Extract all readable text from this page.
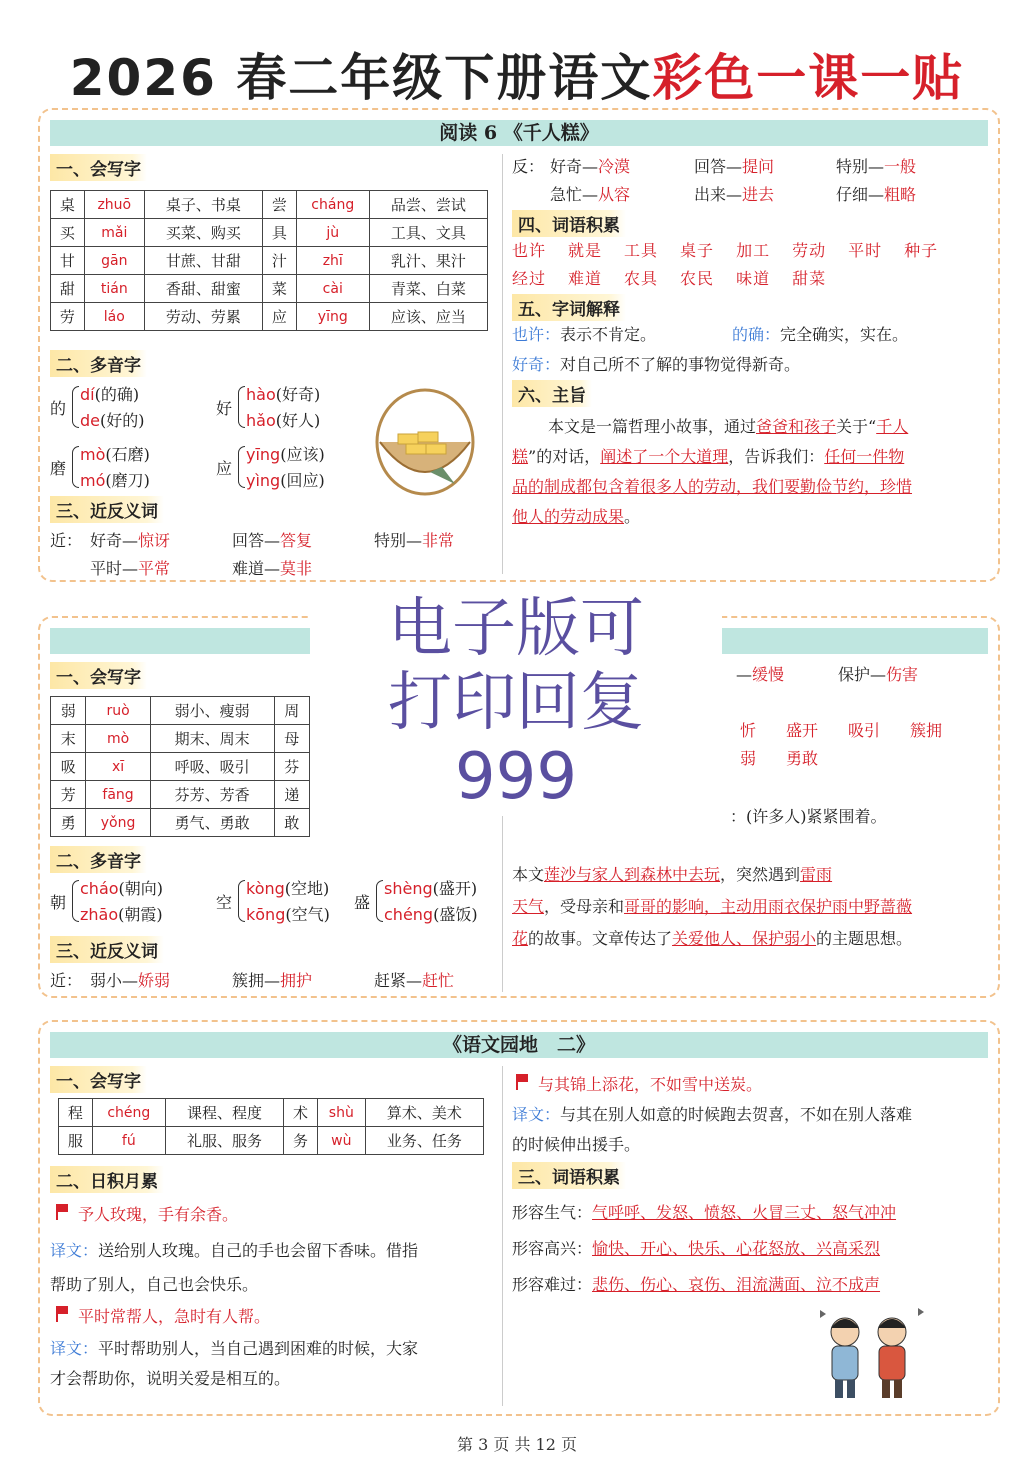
2026 春二年级下册语文彩色一课一贴
阅读 6 《千人糕》
一、会写字
桌	zhuō	桌子、书桌	尝	cháng	品尝、尝试
买	mǎi	买菜、购买	具	jù	工具、文具
甘	gān	甘蔗、甘甜	汁	zhī	乳汁、果汁
甜	tián	香甜、甜蜜	菜	cài	青菜、白菜
劳	láo	劳动、劳累	应	yīng	应该、应当
二、多音字
的
dí(的确)
de(好的)
好
hào(好奇)
hǎo(好人)
磨
mò(石磨)
mó(磨刀)
应
yīng(应该)
yìng(回应)
三、近反义词
近： 好奇—惊讶	回答—答复	特别—非常
平时—平常	难道—莫非
反： 好奇—冷漠	回答—提问	特别—一般
急忙—从容	出来—进去	仔细—粗略
四、词语积累
也许 就是 工具 桌子 加工 劳动 平时 种子
经过 难道 农具 农民 味道 甜菜
五、字词解释
也许：表示不肯定。	的确：完全确实，实在。
好奇：对自己所不了解的事物觉得新奇。
六、主旨
本文是一篇哲理小故事，通过爸爸和孩子关于“千人
糕”的对话，阐述了一个大道理，告诉我们：任何一件物
品的制成都包含着很多人的劳动，我们要勤俭节约，珍惜
他人的劳动成果。
一、会写字
弱	ruò	弱小、瘦弱	周
末	mò	期末、周末	母
吸	xī	呼吸、吸引	芬
芳	fāng	芬芳、芳香	递
勇	yǒng	勇气、勇敢	敢
二、多音字
朝
cháo(朝向)
zhāo(朝霞)
空
kòng(空地)
kōng(空气)
盛
shèng(盛开)
chéng(盛饭)
三、近反义词
近： 弱小—娇弱	簇拥—拥护	赶紧—赶忙
—缓慢	保护—伤害
忻 盛开 吸引 簇拥
弱 勇敢
：(许多人)紧紧围着。
本文莲沙与家人到森林中去玩，突然遇到雷雨
天气，受母亲和哥哥的影响，主动用雨衣保护雨中野蔷薇
花的故事。文章传达了关爱他人、保护弱小的主题思想。
电子版可
打印回复
999
《语文园地　二》
一、会写字
程	chéng	课程、程度	术	shù	算术、美术
服	fú	礼服、服务	务	wù	业务、任务
二、日积月累
予人玫瑰，手有余香。
译文：送给别人玫瑰。自己的手也会留下香味。借指
帮助了别人，自己也会快乐。
平时常帮人，急时有人帮。
译文：平时帮助别人，当自己遇到困难的时候，大家
才会帮助你，说明关爱是相互的。
与其锦上添花，不如雪中送炭。
译文：与其在别人如意的时候跑去贺喜，不如在别人落难
的时候伸出援手。
三、词语积累
形容生气：气呼呼、发怒、愤怒、火冒三丈、怒气冲冲
形容高兴：愉快、开心、快乐、心花怒放、兴高采烈
形容难过：悲伤、伤心、哀伤、泪流满面、泣不成声
第 3 页 共 12 页
